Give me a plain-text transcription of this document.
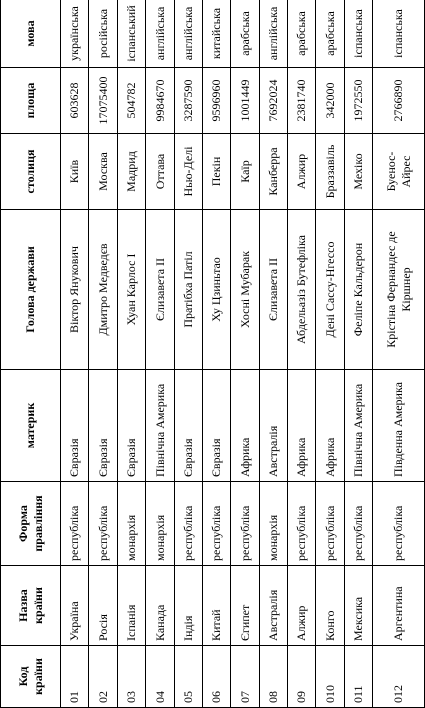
Код країни	Назва країни	Форма правління	материк	Голова держави	столиця	площа	мова
01	Україна	республіка	Євразія	Віктор Янукович	Київ	603628	українська
02	Росія	республіка	Євразія	Дмитро Медведєв	Москва	17075400	російська
03	Іспанія	монархія	Євразія	Хуан Карлос І	Мадрид	504782	іспанський
04	Канада	монархія	Північна Америка	Єлизавета ІІ	Оттава	9984670	англійська
05	Індія	республіка	Євразія	Пратібха Патіл	Нью-Делі	3287590	англійська
06	Китай	республіка	Євразія	Ху Цзиньтао	Пекін	9596960	китайська
07	Єгипет	республіка	Африка	Хосні Мубарак	Каїр	1001449	арабська
08	Австралія	монархія	Австралія	Єлизавета ІІ	Канберра	7692024	англійська
09	Алжир	республіка	Африка	Абдельазіз Бутефліка	Алжир	2381740	арабська
010	Конго	республіка	Африка	Дені Сассу-Нгессо	Браззавіль	342000	арабська
011	Мексика	республіка	Північна Америка	Феліпе Кальдерон	Мехіко	1972550	іспанська
012	Аргентина	республіка	Південна Америка	Крістіна Фернандес де Кіршнер	Буенос-Айрес	2766890	іспанська
